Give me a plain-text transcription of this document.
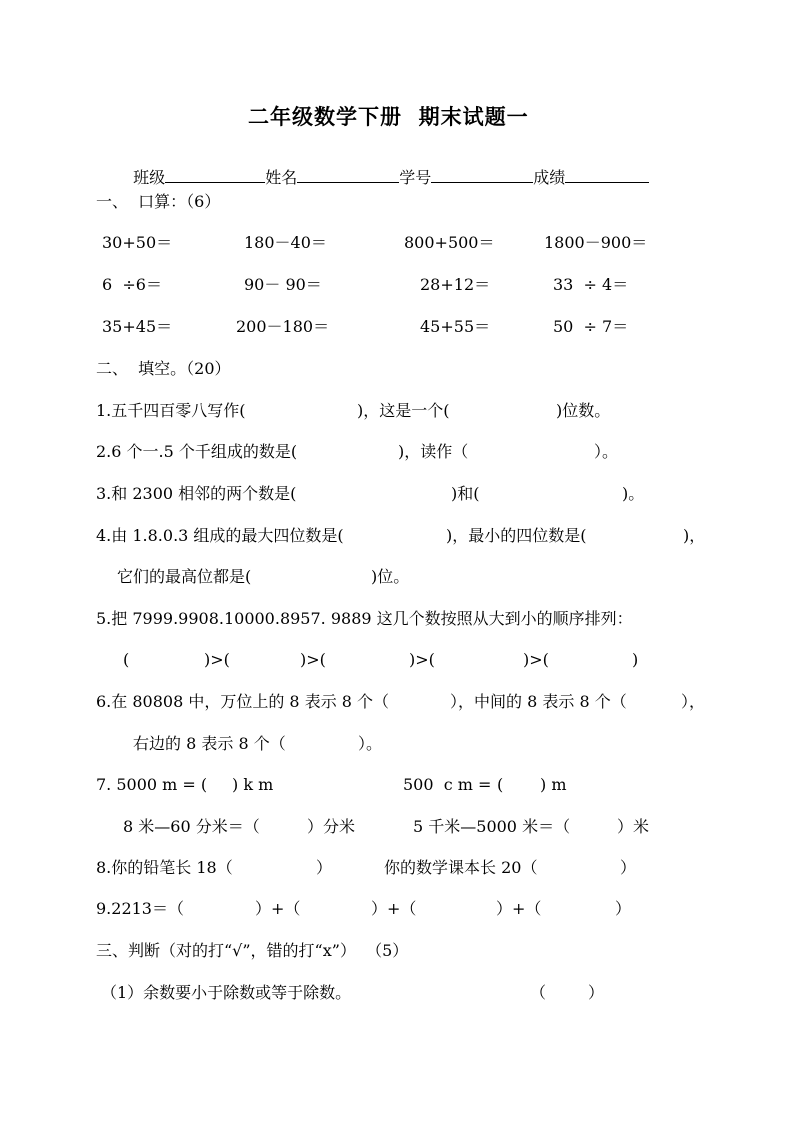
二年级数学下册  期末试题一

班级	姓名	学号	成绩

一、  口算：（6）
30+50＝	180－40＝	800+500＝	1800－900＝
6  ÷6＝	90－ 90＝	28+12＝	33  ÷ 4＝
35+45＝	200－180＝	45+55＝	50  ÷ 7＝
二、  填空。（20）
1.五千四百零八写作(	)，这是一个(	)位数。
2.6 个一.5 个千组成的数是(	)，读作（	）。
3.和 2300 相邻的两个数是(	)和(	)。
4.由 1.8.0.3 组成的最大四位数是(	)，最小的四位数是(	)，
它们的最高位都是(	)位。
5.把 7999.9908.10000.8957. 9889 这几个数按照从大到小的顺序排列：
(	)>(	)>(	)>(	)>(	)
6.在 80808 中，万位上的 8 表示 8 个（	），中间的 8 表示 8 个（	），
右边的 8 表示 8 个（	）。
7. 5000 m = ( ) k m	500  c m = ( ) m
8 米—60 分米＝（	）分米	5 千米—5000 米＝（	）米
8.你的铅笔长 18（	）	你的数学课本长 20（	）
9.2213＝（	）+（	）+（	）+（	）
三、判断（对的打“√”，错的打“x”）  （5）
（1）余数要小于除数或等于除数。	（	）
